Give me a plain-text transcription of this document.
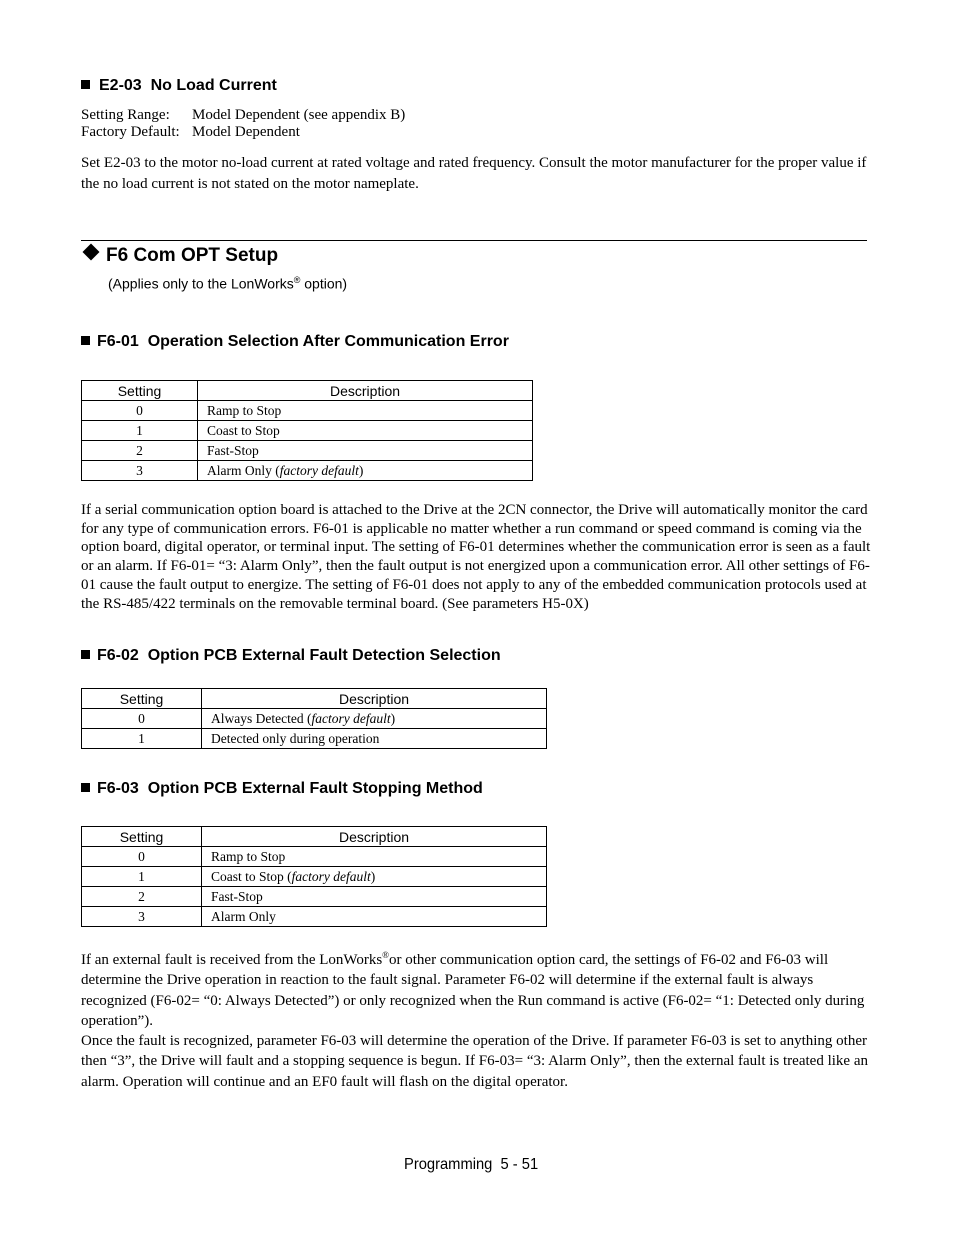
E2-03 No Load Current
Setting Range: Model Dependent (see appendix B)
Factory Default: Model Dependent
Set E2-03 to the motor no-load current at rated voltage and rated frequency. Consult the motor manufacturer for the proper value if the no load current is not stated on the motor nameplate.
F6 Com OPT Setup
(Applies only to the LonWorks® option)
F6-01 Operation Selection After Communication Error
Setting	Description
0	Ramp to Stop
1	Coast to Stop
2	Fast-Stop
3	Alarm Only (factory default)
If a serial communication option board is attached to the Drive at the 2CN connector, the Drive will automatically monitor the card for any type of communication errors. F6-01 is applicable no matter whether a run command or speed command is coming via the option board, digital operator, or terminal input. The setting of F6-01 determines whether the communication error is seen as a fault or an alarm. If F6-01= “3: Alarm Only”, then the fault output is not energized upon a communication error. All other settings of F6-01 cause the fault output to energize. The setting of F6-01 does not apply to any of the embedded communication protocols used at the RS-485/422 terminals on the removable terminal board. (See parameters H5-0X)
F6-02 Option PCB External Fault Detection Selection
Setting	Description
0	Always Detected (factory default)
1	Detected only during operation
F6-03 Option PCB External Fault Stopping Method
Setting	Description
0	Ramp to Stop
1	Coast to Stop (factory default)
2	Fast-Stop
3	Alarm Only
If an external fault is received from the LonWorks®or other communication option card, the settings of F6-02 and F6-03 will determine the Drive operation in reaction to the fault signal. Parameter F6-02 will determine if the external fault is always recognized (F6-02= “0: Always Detected”) or only recognized when the Run command is active (F6-02= “1: Detected only during operation”).
Once the fault is recognized, parameter F6-03 will determine the operation of the Drive. If parameter F6-03 is set to anything other then “3”, the Drive will fault and a stopping sequence is begun. If F6-03= “3: Alarm Only”, then the external fault is treated like an alarm. Operation will continue and an EF0 fault will flash on the digital operator.
Programming 5 - 51
